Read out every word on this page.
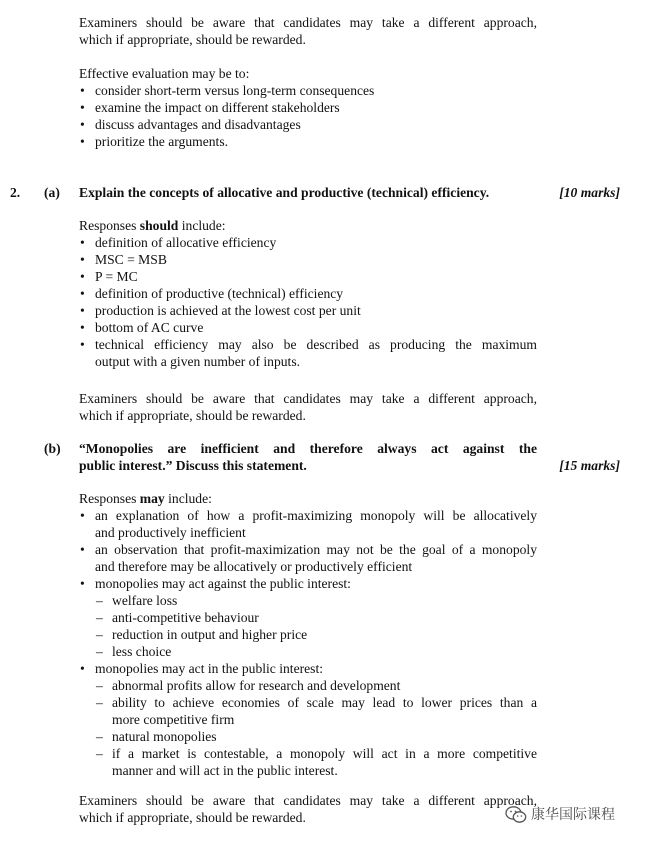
Examiners should be aware that candidates may take a different approach,
which if appropriate, should be rewarded.
Effective evaluation may be to:
• consider short-term versus long-term consequences
• examine the impact on different stakeholders
• discuss advantages and disadvantages
• prioritize the arguments.
2. (a) Explain the concepts of allocative and productive (technical) efficiency.	[10 marks]
Responses should include:
• definition of allocative efficiency
• MSC = MSB
• P = MC
• definition of productive (technical) efficiency
• production is achieved at the lowest cost per unit
• bottom of AC curve
• technical efficiency may also be described as producing the maximum
output with a given number of inputs.
Examiners should be aware that candidates may take a different approach,
which if appropriate, should be rewarded.
(b) “Monopolies are inefficient and therefore always act against the
public interest.” Discuss this statement.	[15 marks]
Responses may include:
• an explanation of how a profit-maximizing monopoly will be allocatively
and productively inefficient
• an observation that profit-maximization may not be the goal of a monopoly
and therefore may be allocatively or productively efficient
• monopolies may act against the public interest:
– welfare loss
– anti-competitive behaviour
– reduction in output and higher price
– less choice
• monopolies may act in the public interest:
– abnormal profits allow for research and development
– ability to achieve economies of scale may lead to lower prices than a
more competitive firm
– natural monopolies
– if a market is contestable, a monopoly will act in a more competitive
manner and will act in the public interest.
Examiners should be aware that candidates may take a different approach,
which if appropriate, should be rewarded.	康华国际课程
